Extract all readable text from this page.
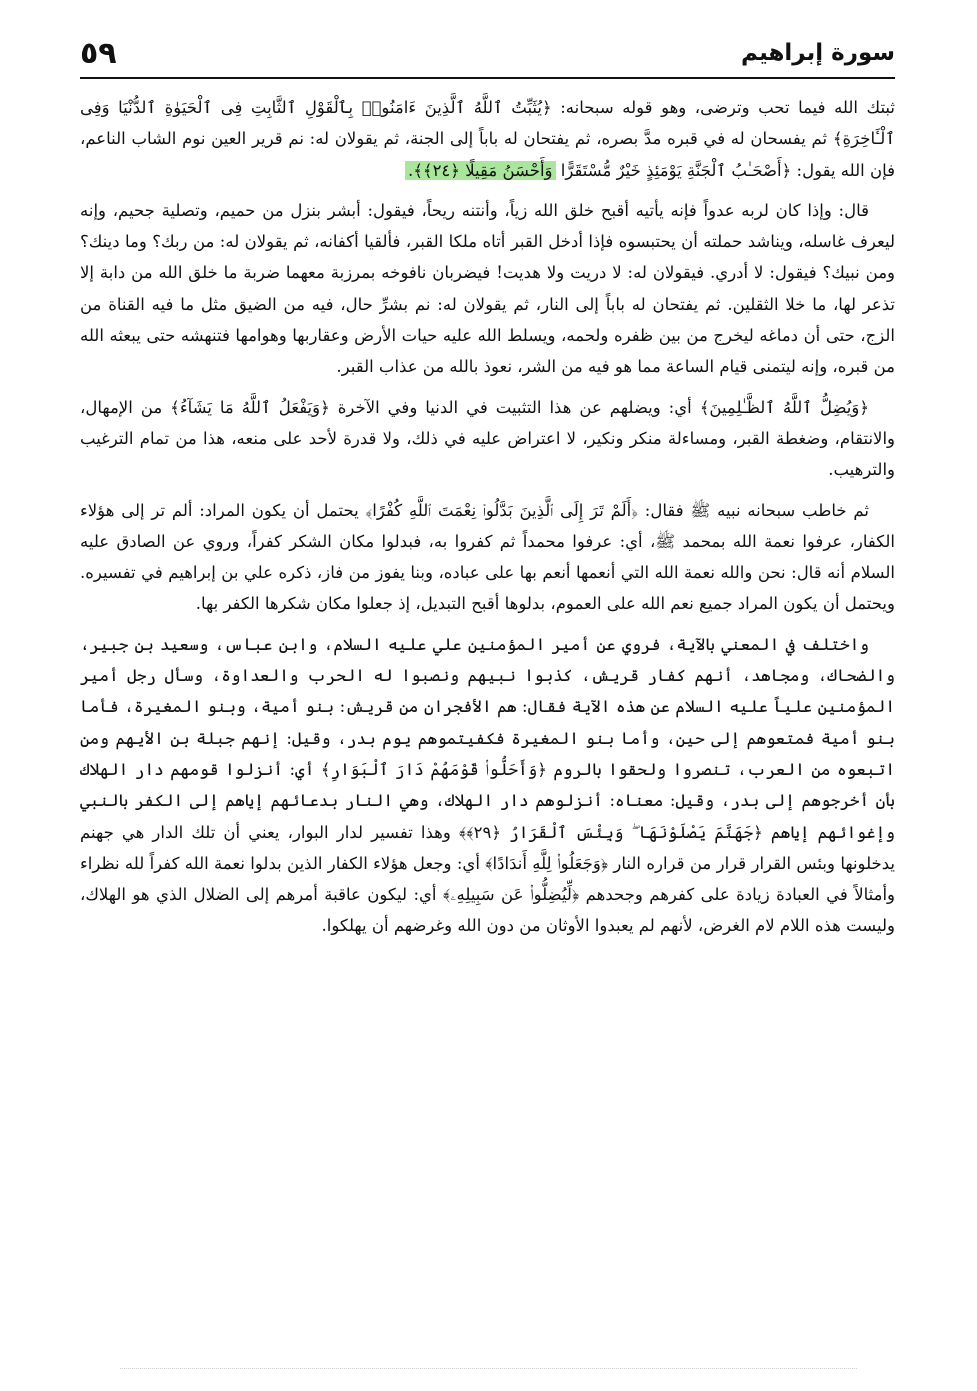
سورة إبراهيم
٥٩

ثبتك الله فيما تحب وترضى، وهو قوله سبحانه: ﴿يُثَبِّتُ ٱللَّهُ ٱلَّذِينَ ءَامَنُوا۟ بِٱلْقَوْلِ ٱلثَّابِتِ فِى ٱلْحَيَوٰةِ ٱلدُّنْيَا وَفِى ٱلْـَٔاخِرَةِ﴾ ثم يفسحان له في قبره مدَّ بصره، ثم يفتحان له باباً إلى الجنة، ثم يقولان له: نم قرير العين نوم الشاب الناعم، فإن الله يقول: ﴿أَصْحَـٰبُ ٱلْجَنَّةِ يَوْمَئِذٍ خَيْرٌ مُّسْتَقَرًّا وَأَحْسَنُ مَقِيلًا ﴿٢٤﴾﴾.

قال: وإذا كان لربه عدواً فإنه يأتيه أقبح خلق الله زياً، وأنتنه ريحاً، فيقول: أبشر بنزل من حميم، وتصلية جحيم، وإنه ليعرف غاسله، ويناشد حملته أن يحتبسوه فإذا أدخل القبر أتاه ملكا القبر، فألقيا أكفانه، ثم يقولان له: من ربك؟ وما دينك؟ ومن نبيك؟ فيقول: لا أدري. فيقولان له: لا دريت ولا هديت! فيضربان نافوخه بمرزبة معهما ضربة ما خلق الله من دابة إلا تذعر لها، ما خلا الثقلين. ثم يفتحان له باباً إلى النار، ثم يقولان له: نم بشرِّ حال، فيه من الضيق مثل ما فيه القناة من الزج، حتى أن دماغه ليخرج من بين ظفره ولحمه، ويسلط الله عليه حيات الأرض وعقاربها وهوامها فتنهشه حتى يبعثه الله من قبره، وإنه ليتمنى قيام الساعة مما هو فيه من الشر، نعوذ بالله من عذاب القبر.

﴿وَيُضِلُّ ٱللَّهُ ٱلظَّـٰلِمِينَ﴾ أي: ويضلهم عن هذا التثبيت في الدنيا وفي الآخرة ﴿وَيَفْعَلُ ٱللَّهُ مَا يَشَآءُ﴾ من الإمهال، والانتقام، وضغطة القبر، ومساءلة منكر ونكير، لا اعتراض عليه في ذلك، ولا قدرة لأحد على منعه، هذا من تمام الترغيب والترهيب.

ثم خاطب سبحانه نبيه ﷺ فقال: ﴿أَلَمْ تَرَ إِلَى ٱلَّذِينَ بَدَّلُوا۟ نِعْمَتَ ٱللَّهِ كُفْرًا﴾ يحتمل أن يكون المراد: ألم تر إلى هؤلاء الكفار، عرفوا نعمة الله بمحمد ﷺ، أي: عرفوا محمداً ثم كفروا به، فبدلوا مكان الشكر كفراً، وروي عن الصادق عليه السلام أنه قال: نحن والله نعمة الله التي أنعمها أنعم بها على عباده، وبنا يفوز من فاز، ذكره علي بن إبراهيم في تفسيره. ويحتمل أن يكون المراد جميع نعم الله على العموم، بدلوها أقبح التبديل، إذ جعلوا مكان شكرها الكفر بها.

واختلف في المعني بالآية، فروي عن أمير المؤمنين علي عليه السلام، وابن عباس، وسعيد بن جبير، والضحاك، ومجاهد، أنهم كفار قريش، كذبوا نبيهم ونصبوا له الحرب والعداوة، وسأل رجل أمير المؤمنين علياً عليه السلام عن هذه الآية فقال: هم الأفجران من قريش: بنو أمية، وبنو المغيرة، فأما بنو أمية فمتعوهم إلى حين، وأما بنو المغيرة فكفيتموهم يوم بدر، وقيل: إنهم جبلة بن الأيهم ومن اتبعوه من العرب، تنصروا ولحقوا بالروم ﴿وَأَحَلُّوا۟ قَوْمَهُمْ دَارَ ٱلْبَوَارِ﴾ أي: أنزلوا قومهم دار الهلاك بأن أخرجوهم إلى بدر، وقيل: معناه: أنزلوهم دار الهلاك، وهي النار بدعائهم إياهم إلى الكفر بالنبي وإغوائهم إياهم ﴿جَهَنَّمَ يَصْلَوْنَهَا ۖ وَبِئْسَ ٱلْقَرَارُ ﴿٢٩﴾﴾ وهذا تفسير لدار البوار، يعني أن تلك الدار هي جهنم يدخلونها وبئس القرار قرار من قراره النار ﴿وَجَعَلُوا۟ لِلَّهِ أَندَادًا﴾ أي: وجعل هؤلاء الكفار الذين بدلوا نعمة الله كفراً لله نظراء وأمثالاً في العبادة زيادة على كفرهم وجحدهم ﴿لِّيُضِلُّوا۟ عَن سَبِيلِهِۦ﴾ أي: ليكون عاقبة أمرهم إلى الضلال الذي هو الهلاك، وليست هذه اللام لام الغرض، لأنهم لم يعبدوا الأوثان من دون الله وغرضهم أن يهلكوا.
